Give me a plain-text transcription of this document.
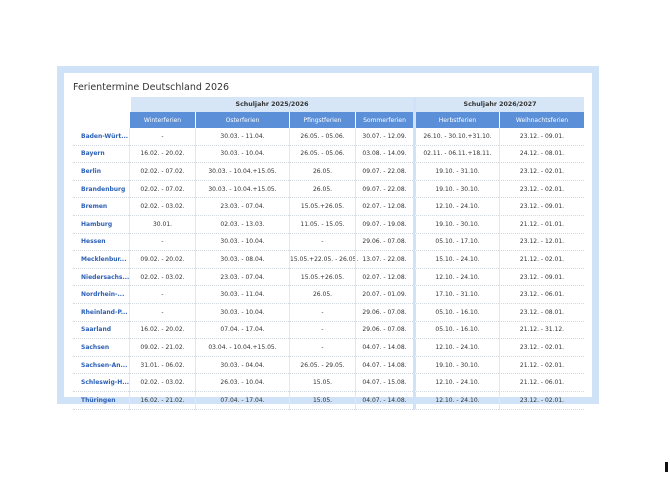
Ferientermine Deutschland 2026
	Schuljahr 2025/2026				Schuljahr 2026/2027	
	Winterferien	Osterferien	Pfingstferien	Sommerferien	Herbstferien	Weihnachtsferien
Baden-Würt...	-	30.03. - 11.04.	26.05. - 05.06.	30.07. - 12.09.	26.10. - 30.10.+31.10.	23.12. - 09.01.
Bayern	16.02. - 20.02.	30.03. - 10.04.	26.05. - 05.06.	03.08. - 14.09.	02.11. - 06.11.+18.11.	24.12. - 08.01.
Berlin	02.02. - 07.02.	30.03. - 10.04.+15.05.	26.05.	09.07. - 22.08.	19.10. - 31.10.	23.12. - 02.01.
Brandenburg	02.02. - 07.02.	30.03. - 10.04.+15.05.	26.05.	09.07. - 22.08.	19.10. - 30.10.	23.12. - 02.01.
Bremen	02.02. - 03.02.	23.03. - 07.04.	15.05.+26.05.	02.07. - 12.08.	12.10. - 24.10.	23.12. - 09.01.
Hamburg	30.01.	02.03. - 13.03.	11.05. - 15.05.	09.07. - 19.08.	19.10. - 30.10.	21.12. - 01.01.
Hessen	-	30.03. - 10.04.	-	29.06. - 07.08.	05.10. - 17.10.	23.12. - 12.01.
Mecklenbur...	09.02. - 20.02.	30.03. - 08.04.	15.05.+22.05. - 26.05.	13.07. - 22.08.	15.10. - 24.10.	21.12. - 02.01.
Niedersachs...	02.02. - 03.02.	23.03. - 07.04.	15.05.+26.05.	02.07. - 12.08.	12.10. - 24.10.	23.12. - 09.01.
Nordrhein-...	-	30.03. - 11.04.	26.05.	20.07. - 01.09.	17.10. - 31.10.	23.12. - 06.01.
Rheinland-P...	-	30.03. - 10.04.	-	29.06. - 07.08.	05.10. - 16.10.	23.12. - 08.01.
Saarland	16.02. - 20.02.	07.04. - 17.04.	-	29.06. - 07.08.	05.10. - 16.10.	21.12. - 31.12.
Sachsen	09.02. - 21.02.	03.04. - 10.04.+15.05.	-	04.07. - 14.08.	12.10. - 24.10.	23.12. - 02.01.
Sachsen-An...	31.01. - 06.02.	30.03. - 04.04.	26.05. - 29.05.	04.07. - 14.08.	19.10. - 30.10.	21.12. - 02.01.
Schleswig-H...	02.02. - 03.02.	26.03. - 10.04.	15.05.	04.07. - 15.08.	12.10. - 24.10.	21.12. - 06.01.
Thüringen	16.02. - 21.02.	07.04. - 17.04.	15.05.	04.07. - 14.08.	12.10. - 24.10.	23.12. - 02.01.
